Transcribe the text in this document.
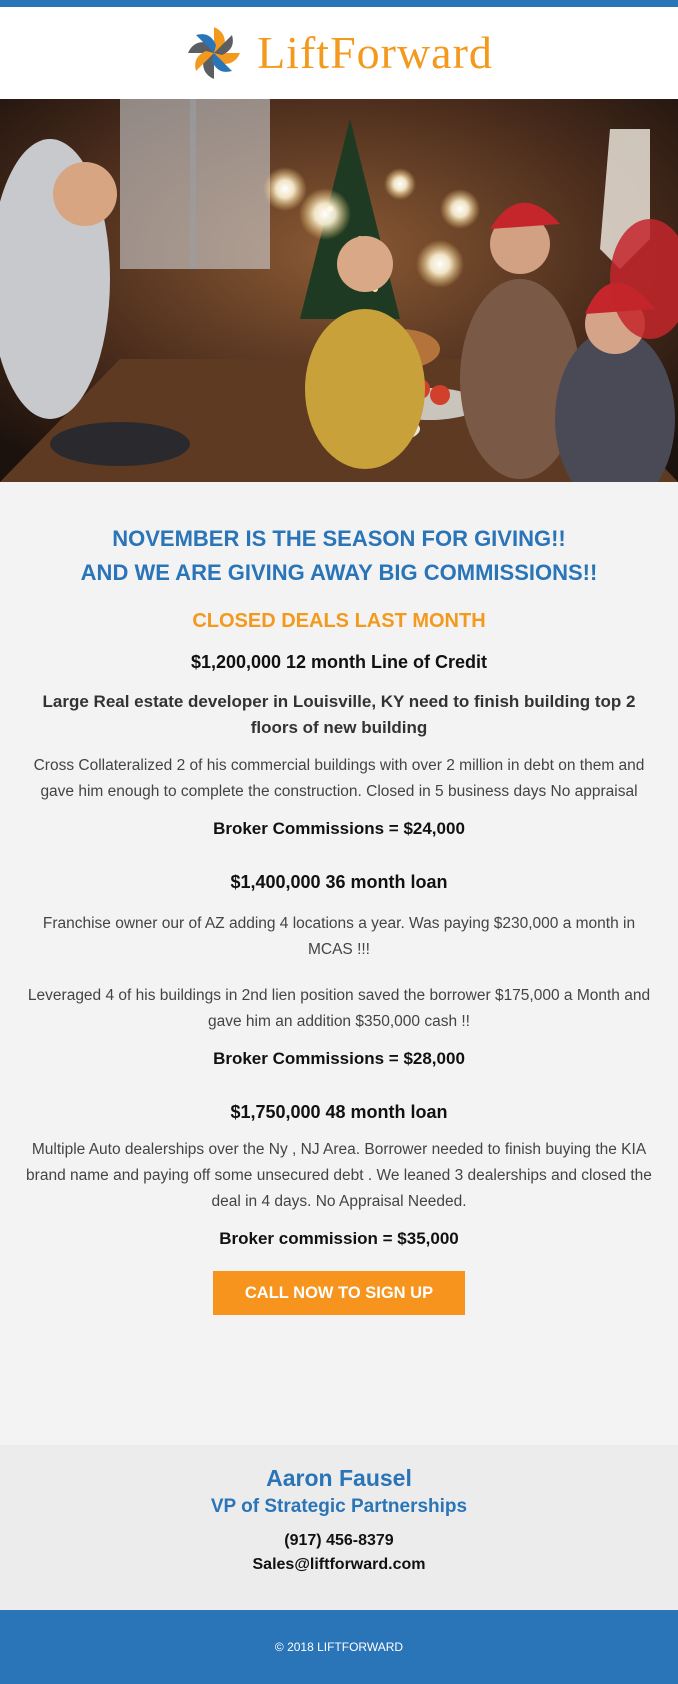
LiftForward
NOVEMBER IS THE SEASON FOR GIVING!!
AND WE ARE GIVING AWAY BIG COMMISSIONS!!
CLOSED DEALS LAST MONTH
$1,200,000 12 month Line of Credit
Large Real estate developer in Louisville, KY need to finish building top 2 floors of new building
Cross Collateralized 2 of his commercial buildings with over 2 million in debt on them and gave him enough to complete the construction. Closed in 5 business days No appraisal
Broker Commissions = $24,000
$1,400,000 36 month loan
Franchise owner our of AZ adding 4 locations a year. Was paying $230,000 a month in MCAS !!!
Leveraged 4 of his buildings in 2nd lien position saved the borrower $175,000 a Month and gave him an addition $350,000 cash !!
Broker Commissions = $28,000
$1,750,000 48 month loan
Multiple Auto dealerships over the Ny , NJ Area. Borrower needed to finish buying the KIA brand name and paying off some unsecured debt . We leaned 3 dealerships and closed the deal in 4 days. No Appraisal Needed.
Broker commission = $35,000
CALL NOW TO SIGN UP
Aaron Fausel
VP of Strategic Partnerships
(917) 456-8379
Sales@liftforward.com
© 2018 LIFTFORWARD
